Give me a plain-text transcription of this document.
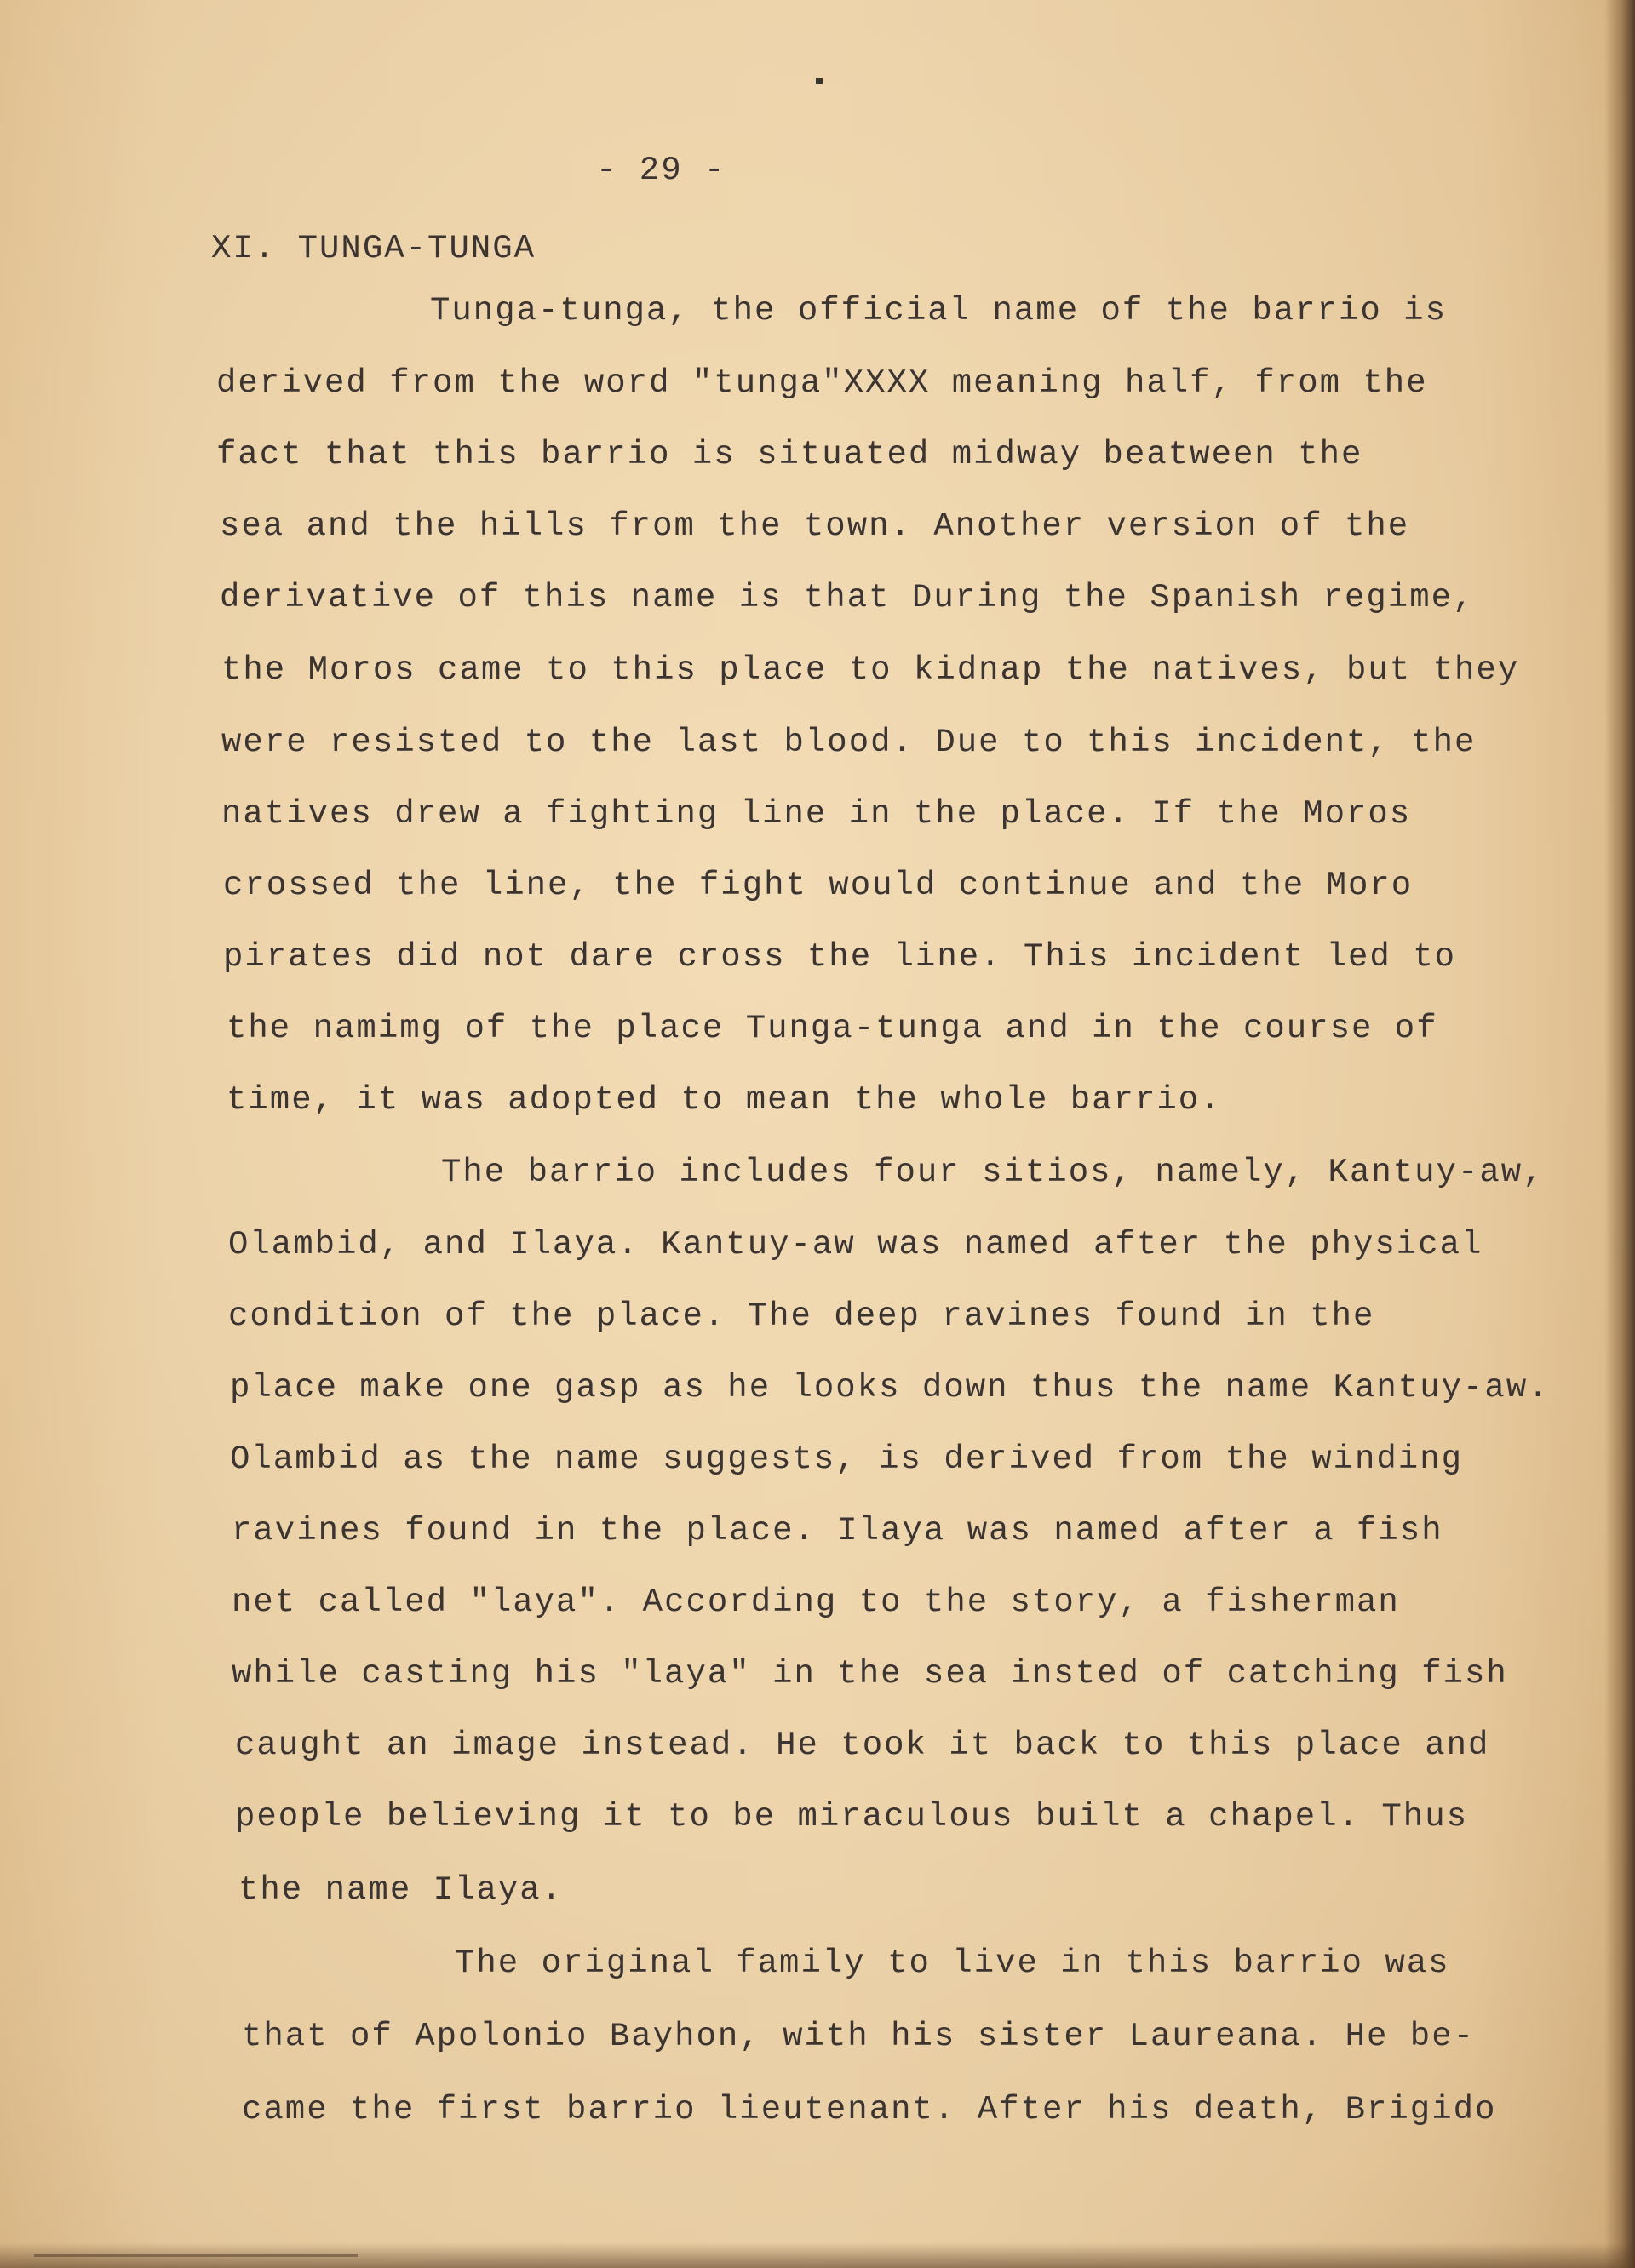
- 29 -
XI. TUNGA-TUNGA
Tunga-tunga, the official name of the barrio is
derived from the word "tunga"XXXX meaning half, from the
fact that this barrio is situated midway beatween the
sea and the hills from the town. Another version of the
derivative of this name is that During the Spanish regime,
the Moros came to this place to kidnap the natives, but they
were resisted to the last blood. Due to this incident, the
natives drew a fighting line in the place. If the Moros
crossed the line, the fight would continue and the Moro
pirates did not dare cross the line. This incident led to
the namimg of the place Tunga-tunga and in the course of
time, it was adopted to mean the whole barrio.
The barrio includes four sitios, namely, Kantuy-aw,
Olambid, and Ilaya. Kantuy-aw was named after the physical
condition of the place. The deep ravines found in the
place make one gasp as he looks down thus the name Kantuy-aw.
Olambid as the name suggests, is derived from the winding
ravines found in the place. Ilaya was named after a fish
net called "laya". According to the story, a fisherman
while casting his "laya" in the sea insted of catching fish
caught an image instead. He took it back to this place and
people believing it to be miraculous built a chapel. Thus
the name Ilaya.
The original family to live in this barrio was
that of Apolonio Bayhon, with his sister Laureana. He be-
came the first barrio lieutenant. After his death, Brigido
